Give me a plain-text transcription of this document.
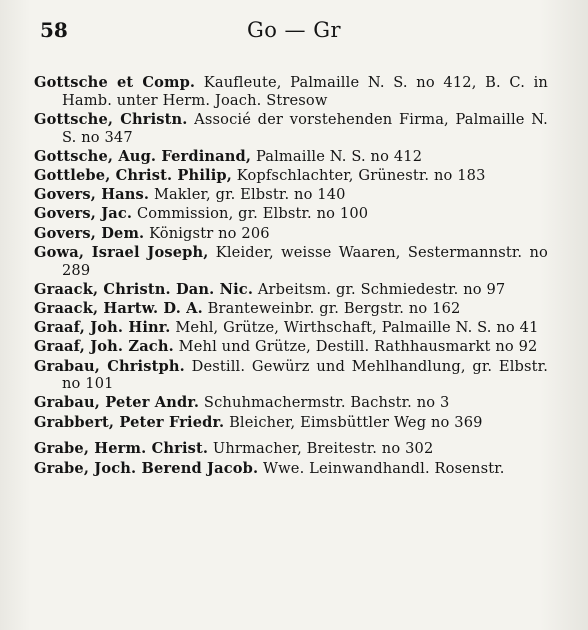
58	Go — Gr
Gottsche et Comp. Kaufleute, Palmaille N. S. no 412, B. C. in Hamb. unter Herm. Joach. Stresow
Gottsche, Christn. Associé der vorstehenden Firma, Palmaille N. S. no 347
Gottsche, Aug. Ferdinand, Palmaille N. S. no 412
Gottlebe, Christ. Philip, Kopfschlachter, Grünestr. no 183
Govers, Hans. Makler, gr. Elbstr. no 140
Govers, Jac. Commission, gr. Elbstr. no 100
Govers, Dem. Königstr no 206
Gowa, Israel Joseph, Kleider, weisse Waaren, Sestermannstr. no 289
Graack, Christn. Dan. Nic. Arbeitsm. gr. Schmiedestr. no 97
Graack, Hartw. D. A. Branteweinbr. gr. Bergstr. no 162
Graaf, Joh. Hinr. Mehl, Grütze, Wirthschaft, Palmaille N. S. no 41
Graaf, Joh. Zach. Mehl und Grütze, Destill. Rathhausmarkt no 92
Grabau, Christph. Destill. Gewürz und Mehlhandlung, gr. Elbstr. no 101
Grabau, Peter Andr. Schuhmachermstr. Bachstr. no 3
Grabbert, Peter Friedr. Bleicher, Eimsbüttler Weg no 369
Grabe, Herm. Christ. Uhrmacher, Breitestr. no 302
Grabe, Joch. Berend Jacob. Wwe. Leinwandhandl. Rosenstr.
